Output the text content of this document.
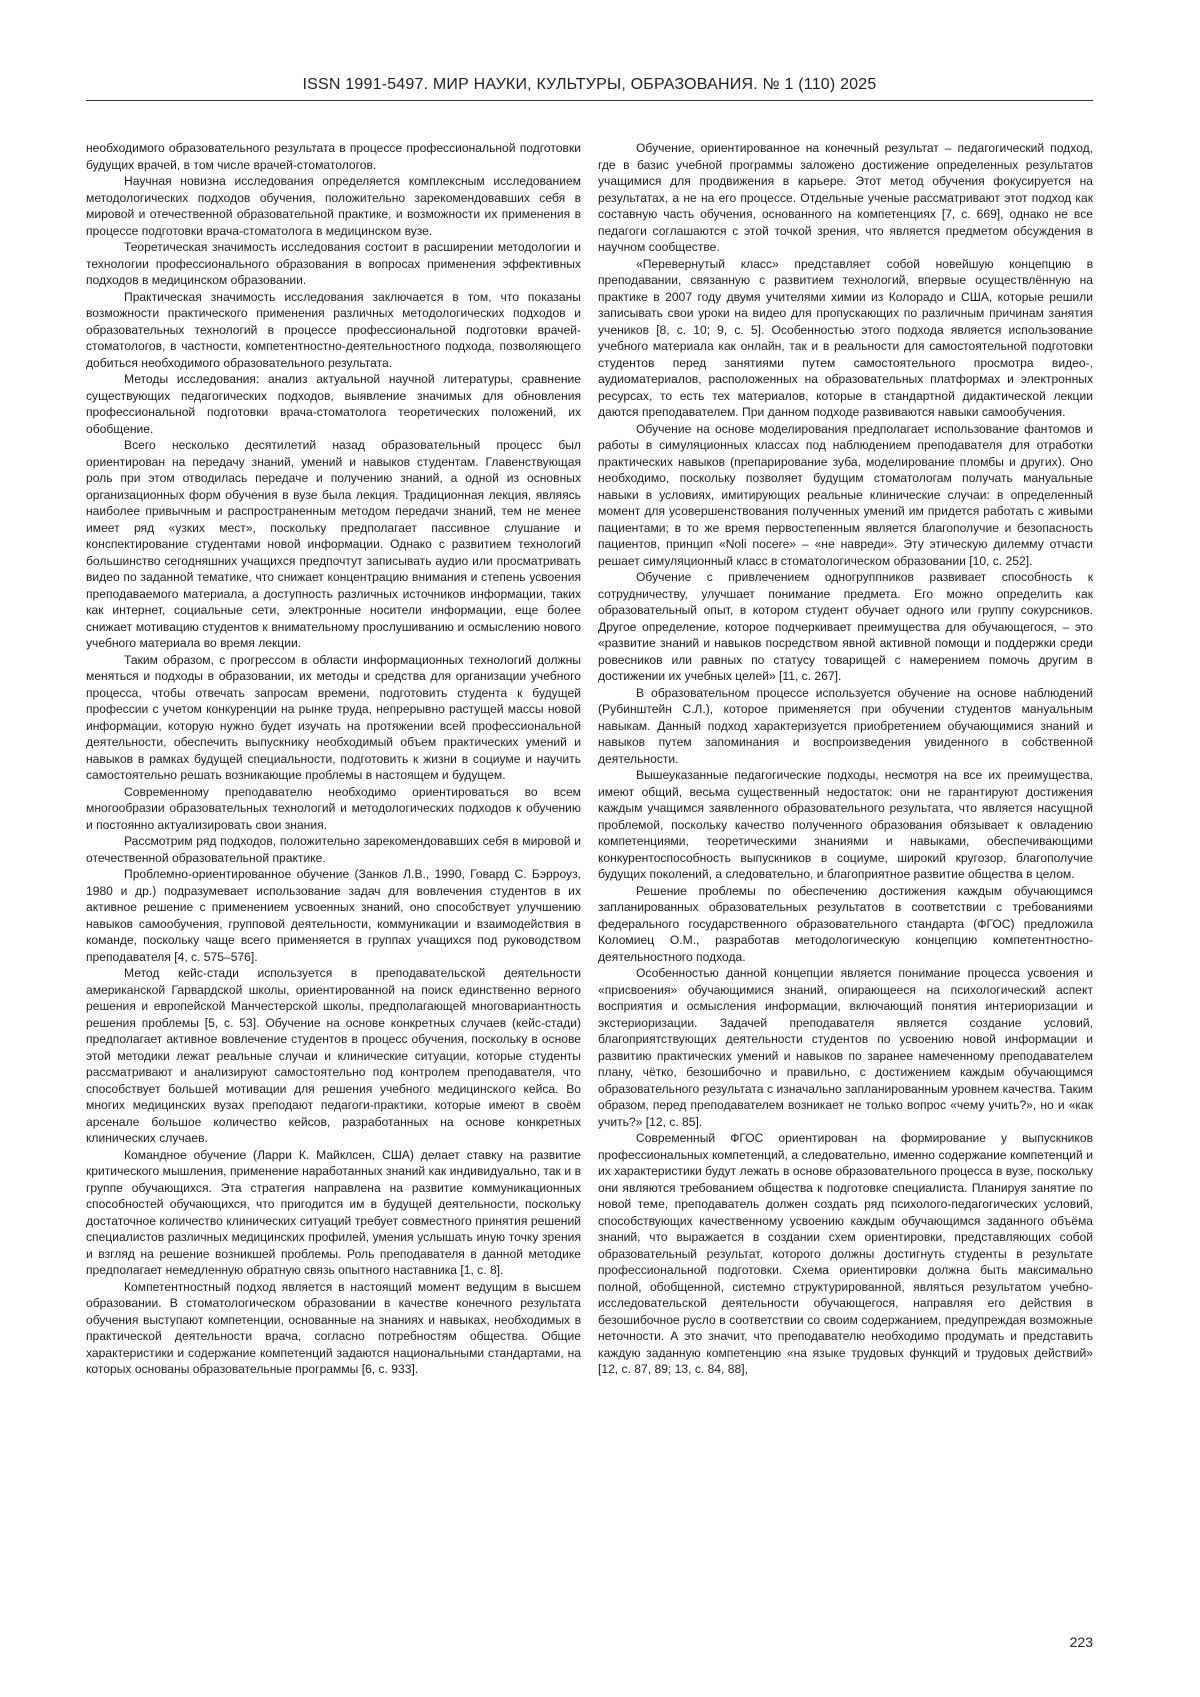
ISSN 1991-5497. МИР НАУКИ, КУЛЬТУРЫ, ОБРАЗОВАНИЯ. № 1 (110) 2025

необходимого образовательного результата в процессе профессиональной подготовки будущих врачей, в том числе врачей-стоматологов.

Научная новизна исследования определяется комплексным исследованием методологических подходов обучения, положительно зарекомендовавших себя в мировой и отечественной образовательной практике, и возможности их применения в процессе подготовки врача-стоматолога в медицинском вузе.

Теоретическая значимость исследования состоит в расширении методологии и технологии профессионального образования в вопросах применения эффективных подходов в медицинском образовании.

Практическая значимость исследования заключается в том, что показаны возможности практического применения различных методологических подходов и образовательных технологий в процессе профессиональной подготовки врачей-стоматологов, в частности, компетентностно-деятельностного подхода, позволяющего добиться необходимого образовательного результата.

Методы исследования: анализ актуальной научной литературы, сравнение существующих педагогических подходов, выявление значимых для обновления профессиональной подготовки врача-стоматолога теоретических положений, их обобщение.

Всего несколько десятилетий назад образовательный процесс был ориентирован на передачу знаний, умений и навыков студентам. Главенствующая роль при этом отводилась передаче и получению знаний, а одной из основных организационных форм обучения в вузе была лекция. Традиционная лекция, являясь наиболее привычным и распространенным методом передачи знаний, тем не менее имеет ряд «узких мест», поскольку предполагает пассивное слушание и конспектирование студентами новой информации. Однако с развитием технологий большинство сегодняшних учащихся предпочтут записывать аудио или просматривать видео по заданной тематике, что снижает концентрацию внимания и степень усвоения преподаваемого материала, а доступность различных источников информации, таких как интернет, социальные сети, электронные носители информации, еще более снижает мотивацию студентов к внимательному прослушиванию и осмыслению нового учебного материала во время лекции.

Таким образом, с прогрессом в области информационных технологий должны меняться и подходы в образовании, их методы и средства для организации учебного процесса, чтобы отвечать запросам времени, подготовить студента к будущей профессии с учетом конкуренции на рынке труда, непрерывно растущей массы новой информации, которую нужно будет изучать на протяжении всей профессиональной деятельности, обеспечить выпускнику необходимый объем практических умений и навыков в рамках будущей специальности, подготовить к жизни в социуме и научить самостоятельно решать возникающие проблемы в настоящем и будущем.

Современному преподавателю необходимо ориентироваться во всем многообразии образовательных технологий и методологических подходов к обучению и постоянно актуализировать свои знания.

Рассмотрим ряд подходов, положительно зарекомендовавших себя в мировой и отечественной образовательной практике.

Проблемно-ориентированное обучение (Занков Л.В., 1990, Говард С. Бэрроуз, 1980 и др.) подразумевает использование задач для вовлечения студентов в их активное решение с применением усвоенных знаний, оно способствует улучшению навыков самообучения, групповой деятельности, коммуникации и взаимодействия в команде, поскольку чаще всего применяется в группах учащихся под руководством преподавателя [4, с. 575–576].

Метод кейс-стади используется в преподавательской деятельности американской Гарвардской школы, ориентированной на поиск единственно верного решения и европейской Манчестерской школы, предполагающей многовариантность решения проблемы [5, с. 53]. Обучение на основе конкретных случаев (кейс-стади) предполагает активное вовлечение студентов в процесс обучения, поскольку в основе этой методики лежат реальные случаи и клинические ситуации, которые студенты рассматривают и анализируют самостоятельно под контролем преподавателя, что способствует большей мотивации для решения учебного медицинского кейса. Во многих медицинских вузах преподают педагоги-практики, которые имеют в своём арсенале большое количество кейсов, разработанных на основе конкретных клинических случаев.

Командное обучение (Ларри К. Майклсен, США) делает ставку на развитие критического мышления, применение наработанных знаний как индивидуально, так и в группе обучающихся. Эта стратегия направлена на развитие коммуникационных способностей обучающихся, что пригодится им в будущей деятельности, поскольку достаточное количество клинических ситуаций требует совместного принятия решений специалистов различных медицинских профилей, умения услышать иную точку зрения и взгляд на решение возникшей проблемы. Роль преподавателя в данной методике предполагает немедленную обратную связь опытного наставника [1, с. 8].

Компетентностный подход является в настоящий момент ведущим в высшем образовании. В стоматологическом образовании в качестве конечного результата обучения выступают компетенции, основанные на знаниях и навыках, необходимых в практической деятельности врача, согласно потребностям общества. Общие характеристики и содержание компетенций задаются национальными стандартами, на которых основаны образовательные программы [6, с. 933].

Обучение, ориентированное на конечный результат – педагогический подход, где в базис учебной программы заложено достижение определенных результатов учащимися для продвижения в карьере. Этот метод обучения фокусируется на результатах, а не на его процессе. Отдельные ученые рассматривают этот подход как составную часть обучения, основанного на компетенциях [7, с. 669], однако не все педагоги соглашаются с этой точкой зрения, что является предметом обсуждения в научном сообществе.

«Перевернутый класс» представляет собой новейшую концепцию в преподавании, связанную с развитием технологий, впервые осуществлённую на практике в 2007 году двумя учителями химии из Колорадо и США, которые решили записывать свои уроки на видео для пропускающих по различным причинам занятия учеников [8, с. 10; 9, с. 5]. Особенностью этого подхода является использование учебного материала как онлайн, так и в реальности для самостоятельной подготовки студентов перед занятиями путем самостоятельного просмотра видео-, аудиоматериалов, расположенных на образовательных платформах и электронных ресурсах, то есть тех материалов, которые в стандартной дидактической лекции даются преподавателем. При данном подходе развиваются навыки самообучения.

Обучение на основе моделирования предполагает использование фантомов и работы в симуляционных классах под наблюдением преподавателя для отработки практических навыков (препарирование зуба, моделирование пломбы и других). Оно необходимо, поскольку позволяет будущим стоматологам получать мануальные навыки в условиях, имитирующих реальные клинические случаи: в определенный момент для усовершенствования полученных умений им придется работать с живыми пациентами; в то же время первостепенным является благополучие и безопасность пациентов, принцип «Noli nocere» – «не навреди». Эту этическую дилемму отчасти решает симуляционный класс в стоматологическом образовании [10, с. 252].

Обучение с привлечением одногруппников развивает способность к сотрудничеству, улучшает понимание предмета. Его можно определить как образовательный опыт, в котором студент обучает одного или группу сокурсников. Другое определение, которое подчеркивает преимущества для обучающегося, – это «развитие знаний и навыков посредством явной активной помощи и поддержки среди ровесников или равных по статусу товарищей с намерением помочь другим в достижении их учебных целей» [11, с. 267].

В образовательном процессе используется обучение на основе наблюдений (Рубинштейн С.Л.), которое применяется при обучении студентов мануальным навыкам. Данный подход характеризуется приобретением обучающимися знаний и навыков путем запоминания и воспроизведения увиденного в собственной деятельности.

Вышеуказанные педагогические подходы, несмотря на все их преимущества, имеют общий, весьма существенный недостаток: они не гарантируют достижения каждым учащимся заявленного образовательного результата, что является насущной проблемой, поскольку качество полученного образования обязывает к овладению компетенциями, теоретическими знаниями и навыками, обеспечивающими конкурентоспособность выпускников в социуме, широкий кругозор, благополучие будущих поколений, а следовательно, и благоприятное развитие общества в целом.

Решение проблемы по обеспечению достижения каждым обучающимся запланированных образовательных результатов в соответствии с требованиями федерального государственного образовательного стандарта (ФГОС) предложила Коломиец О.М., разработав методологическую концепцию компетентностно-деятельностного подхода.

Особенностью данной концепции является понимание процесса усвоения и «присвоения» обучающимися знаний, опирающееся на психологический аспект восприятия и осмысления информации, включающий понятия интериоризации и экстериоризации. Задачей преподавателя является создание условий, благоприятствующих деятельности студентов по усвоению новой информации и развитию практических умений и навыков по заранее намеченному преподавателем плану, чётко, безошибочно и правильно, с достижением каждым обучающимся образовательного результата с изначально запланированным уровнем качества. Таким образом, перед преподавателем возникает не только вопрос «чему учить?», но и «как учить?» [12, с. 85].

Современный ФГОС ориентирован на формирование у выпускников профессиональных компетенций, а следовательно, именно содержание компетенций и их характеристики будут лежать в основе образовательного процесса в вузе, поскольку они являются требованием общества к подготовке специалиста. Планируя занятие по новой теме, преподаватель должен создать ряд психолого-педагогических условий, способствующих качественному усвоению каждым обучающимся заданного объёма знаний, что выражается в создании схем ориентировки, представляющих собой образовательный результат, которого должны достигнуть студенты в результате профессиональной подготовки. Схема ориентировки должна быть максимально полной, обобщенной, системно структурированной, являться результатом учебно-исследовательской деятельности обучающегося, направляя его действия в безошибочное русло в соответствии со своим содержанием, предупреждая возможные неточности. А это значит, что преподавателю необходимо продумать и представить каждую заданную компетенцию «на языке трудовых функций и трудовых действий» [12, с. 87, 89; 13, с. 84, 88],

223
